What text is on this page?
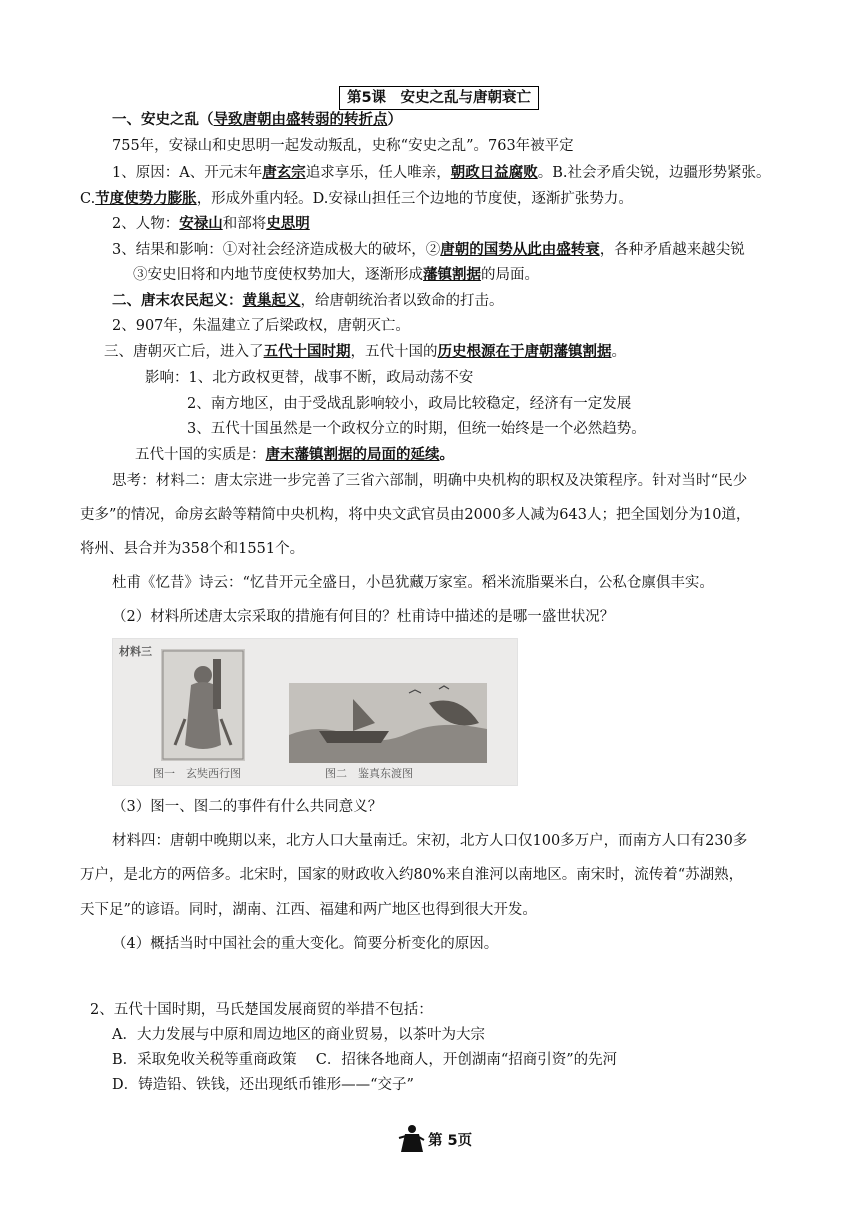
第5课　安史之乱与唐朝衰亡
一、安史之乱（导致唐朝由盛转弱的转折点）
755年，安禄山和史思明一起发动叛乱，史称“安史之乱”。763年被平定
1、原因：A、开元末年唐玄宗追求享乐，任人唯亲，朝政日益腐败。B.社会矛盾尖锐，边疆形势紧张。
C.节度使势力膨胀，形成外重内轻。D.安禄山担任三个边地的节度使，逐渐扩张势力。
2、人物：安禄山和部将史思明
3、结果和影响：①对社会经济造成极大的破坏，②唐朝的国势从此由盛转衰，各种矛盾越来越尖锐
③安史旧将和内地节度使权势加大，逐渐形成藩镇割据的局面。
二、唐末农民起义：黄巢起义，给唐朝统治者以致命的打击。
2、907年，朱温建立了后梁政权，唐朝灭亡。
三、唐朝灭亡后，进入了五代十国时期，五代十国的历史根源在于唐朝藩镇割据。
影响：1、北方政权更替，战事不断，政局动荡不安
2、南方地区，由于受战乱影响较小，政局比较稳定，经济有一定发展
3、五代十国虽然是一个政权分立的时期，但统一始终是一个必然趋势。
五代十国的实质是：唐末藩镇割据的局面的延续。
思考：材料二：唐太宗进一步完善了三省六部制，明确中央机构的职权及决策程序。针对当时“民少
吏多”的情况，命房玄龄等精简中央机构，将中央文武官员由2000多人减为643人；把全国划分为10道，
将州、县合并为358个和1551个。
杜甫《忆昔》诗云：“忆昔开元全盛日，小邑犹藏万家室。稻米流脂粟米白，公私仓廪俱丰实。
（2）材料所述唐太宗采取的措施有何目的？杜甫诗中描述的是哪一盛世状况？
材料三
图一　玄奘西行图	图二　鉴真东渡图
（3）图一、图二的事件有什么共同意义？
材料四：唐朝中晚期以来，北方人口大量南迁。宋初，北方人口仅100多万户，而南方人口有230多
万户，是北方的两倍多。北宋时，国家的财政收入约80%来自淮河以南地区。南宋时，流传着“苏湖熟，
天下足”的谚语。同时，湖南、江西、福建和两广地区也得到很大开发。
（4）概括当时中国社会的重大变化。简要分析变化的原因。
2、五代十国时期，马氏楚国发展商贸的举措不包括：
A．大力发展与中原和周边地区的商业贸易，以茶叶为大宗
B．采取免收关税等重商政策　 C．招徕各地商人，开创湖南“招商引资”的先河
D．铸造铅、铁钱，还出现纸币锥形——“交子”
第 5页
